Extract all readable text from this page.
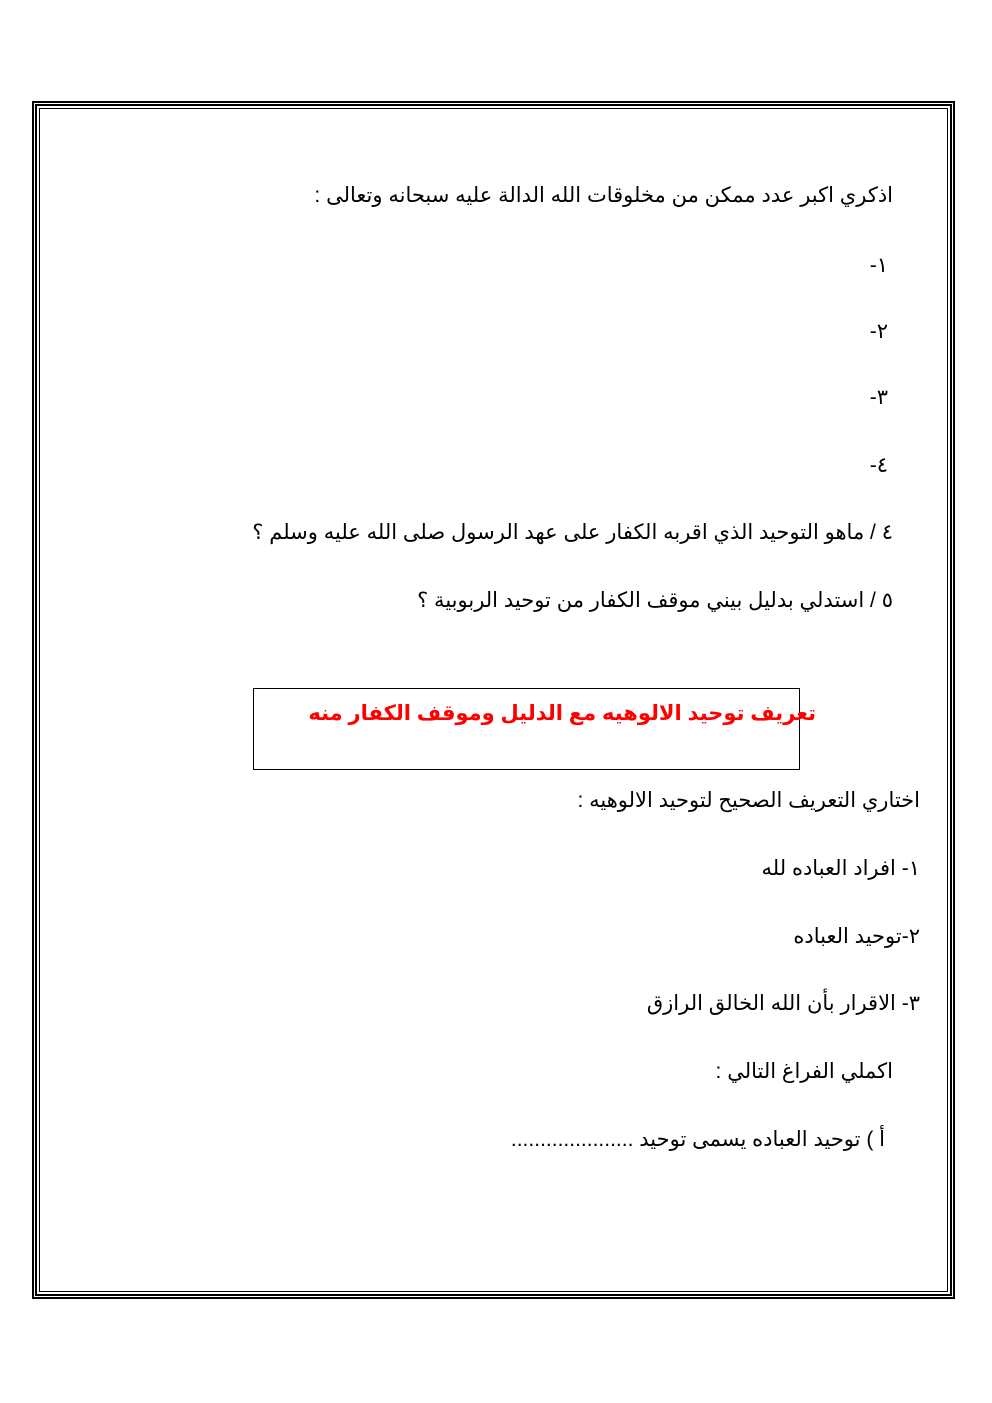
اذكري اكبر عدد ممكن من مخلوقات الله الدالة عليه سبحانه وتعالى :
١-
٢-
٣-
٤-
٤ / ماهو التوحيد الذي اقربه الكفار على عهد الرسول صلى الله عليه وسلم ؟
٥ / استدلي بدليل بيني موقف الكفار من توحيد الربوبية ؟
تعريف توحيد الالوهيه مع الدليل وموقف الكفار منه
اختاري التعريف الصحيح لتوحيد الالوهيه :
١- افراد العباده لله
٢-توحيد العباده
٣- الاقرار بأن الله الخالق الرازق
اكملي الفراغ التالي :
أ ) توحيد العباده يسمى توحيد .....................
